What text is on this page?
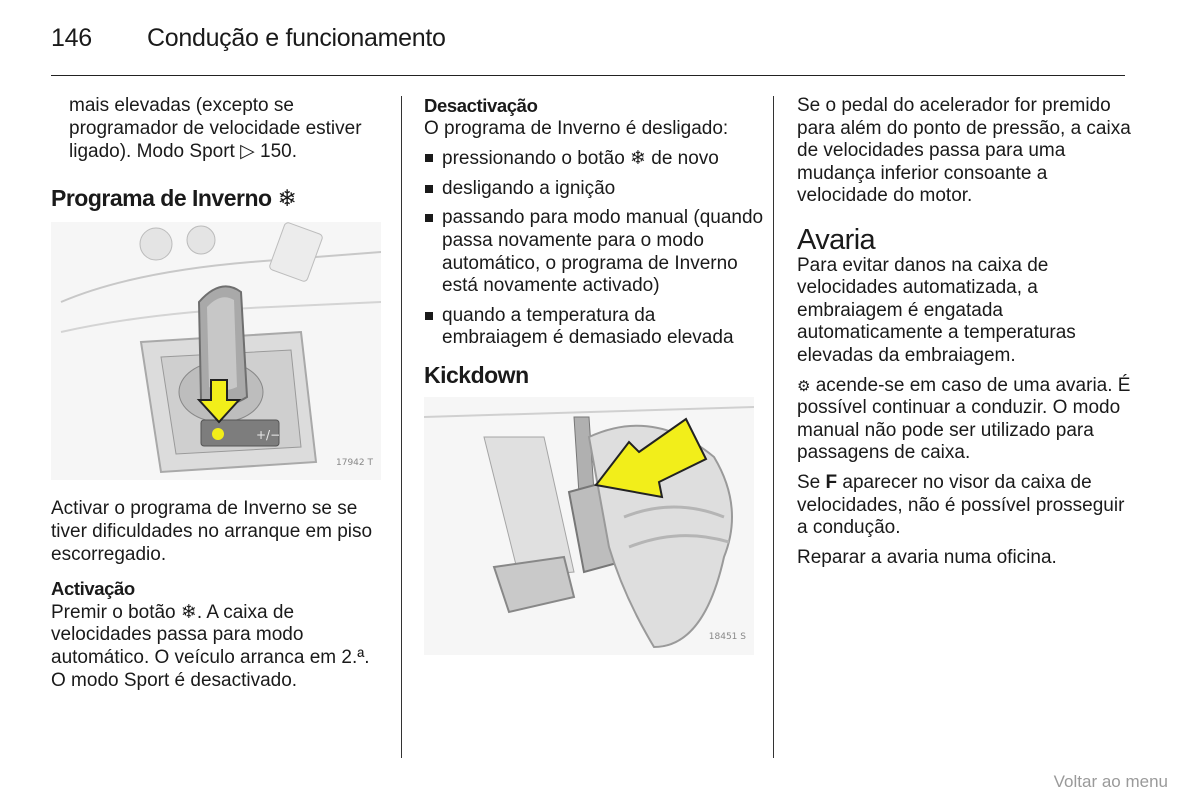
146 Condução e funcionamento

mais elevadas (excepto se programador de velocidade estiver ligado). Modo Sport ▷ 150.

Programa de Inverno ❄

+/−
17942 T

Activar o programa de Inverno se se tiver dificuldades no arranque em piso escorregadio.

Activação

Premir o botão ❄. A caixa de velocidades passa para modo automático. O veículo arranca em 2.ª. O modo Sport é desactivado.

Desactivação

O programa de Inverno é desligado:

pressionando o botão ❄ de novo
desligando a ignição
passando para modo manual (quando passa novamente para o modo automático, o programa de Inverno está novamente activado)
quando a temperatura da embraiagem é demasiado elevada

Kickdown

18451 S

Se o pedal do acelerador for premido para além do ponto de pressão, a caixa de velocidades passa para uma mudança inferior consoante a velocidade do motor.

Avaria

Para evitar danos na caixa de velocidades automatizada, a embraiagem é engatada automaticamente a temperaturas elevadas da embraiagem.

⚙ acende-se em caso de uma avaria. É possível continuar a conduzir. O modo manual não pode ser utilizado para passagens de caixa.

Se F aparecer no visor da caixa de velocidades, não é possível prosseguir a condução.

Reparar a avaria numa oficina.

Voltar ao menu
